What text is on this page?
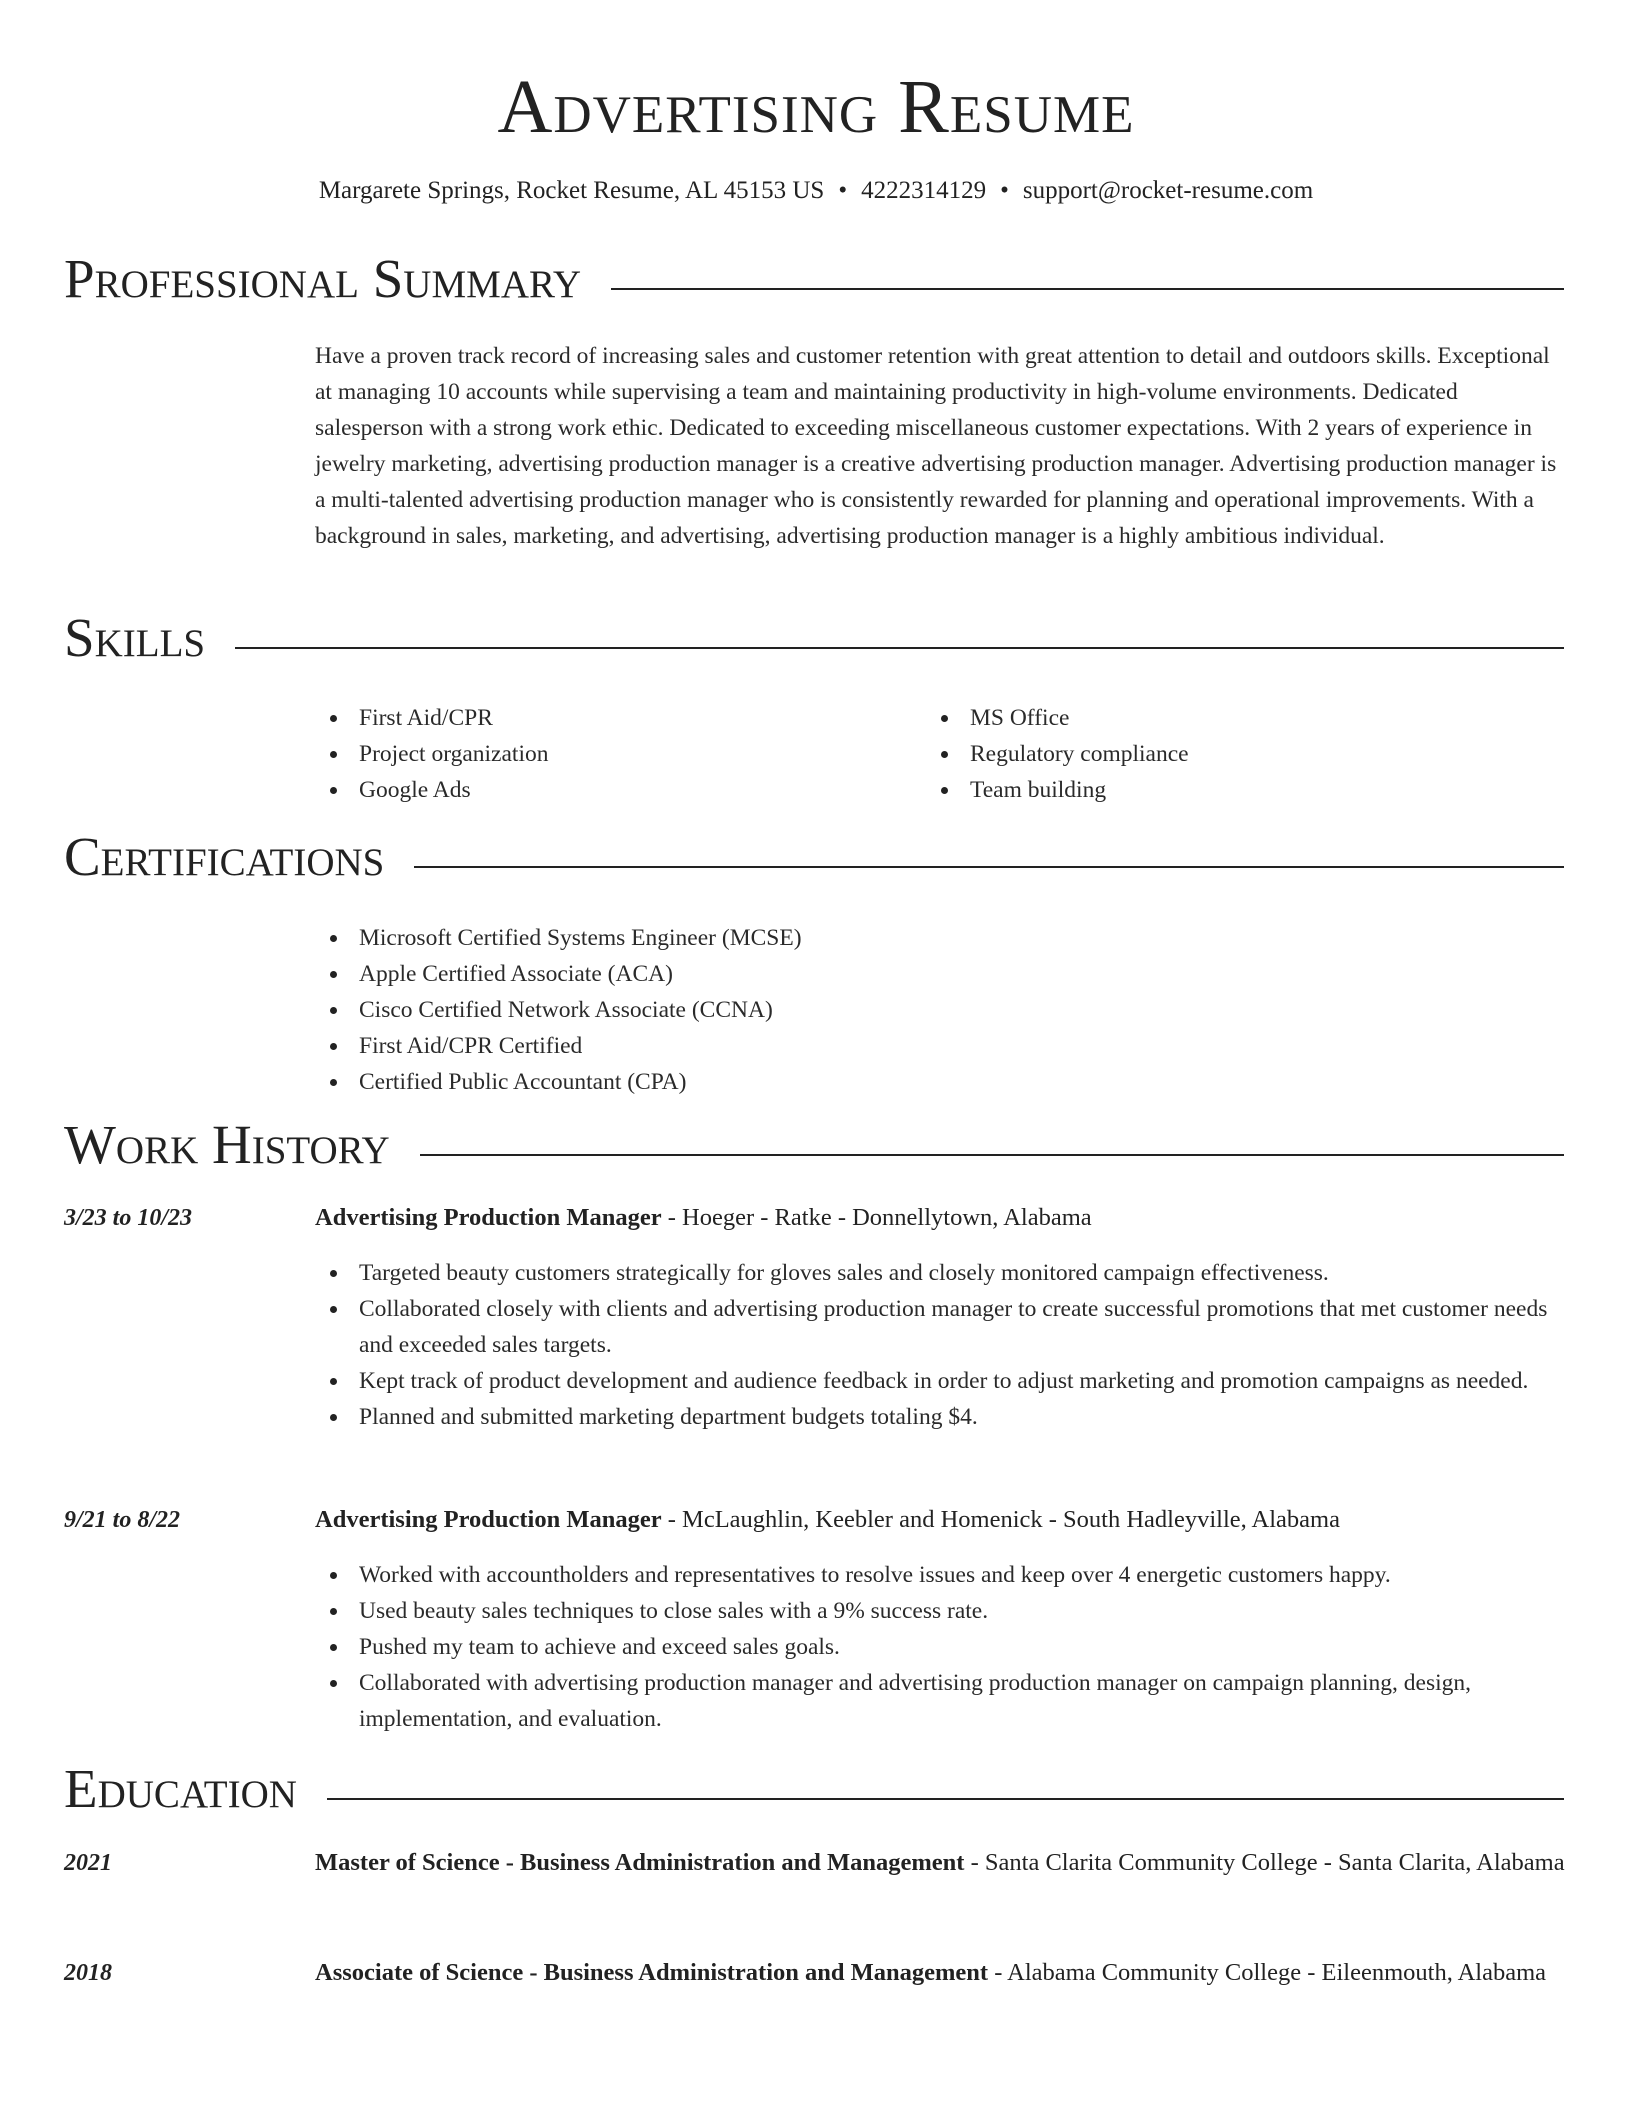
Advertising Resume
Margarete Springs, Rocket Resume, AL 45153 US • 4222314129 • support@rocket-resume.com
Professional Summary
Have a proven track record of increasing sales and customer retention with great attention to detail and outdoors skills. Exceptional at managing 10 accounts while supervising a team and maintaining productivity in high-volume environments. Dedicated salesperson with a strong work ethic. Dedicated to exceeding miscellaneous customer expectations. With 2 years of experience in jewelry marketing, advertising production manager is a creative advertising production manager. Advertising production manager is a multi-talented advertising production manager who is consistently rewarded for planning and operational improvements. With a background in sales, marketing, and advertising, advertising production manager is a highly ambitious individual.
Skills
First Aid/CPR
Project organization
Google Ads
MS Office
Regulatory compliance
Team building
Certifications
Microsoft Certified Systems Engineer (MCSE)
Apple Certified Associate (ACA)
Cisco Certified Network Associate (CCNA)
First Aid/CPR Certified
Certified Public Accountant (CPA)
Work History
3/23 to 10/23	Advertising Production Manager - Hoeger - Ratke - Donnellytown, Alabama
Targeted beauty customers strategically for gloves sales and closely monitored campaign effectiveness.
Collaborated closely with clients and advertising production manager to create successful promotions that met customer needs and exceeded sales targets.
Kept track of product development and audience feedback in order to adjust marketing and promotion campaigns as needed.
Planned and submitted marketing department budgets totaling $4.
9/21 to 8/22	Advertising Production Manager - McLaughlin, Keebler and Homenick - South Hadleyville, Alabama
Worked with accountholders and representatives to resolve issues and keep over 4 energetic customers happy.
Used beauty sales techniques to close sales with a 9% success rate.
Pushed my team to achieve and exceed sales goals.
Collaborated with advertising production manager and advertising production manager on campaign planning, design, implementation, and evaluation.
Education
2021	Master of Science - Business Administration and Management - Santa Clarita Community College - Santa Clarita, Alabama
2018	Associate of Science - Business Administration and Management - Alabama Community College - Eileenmouth, Alabama
